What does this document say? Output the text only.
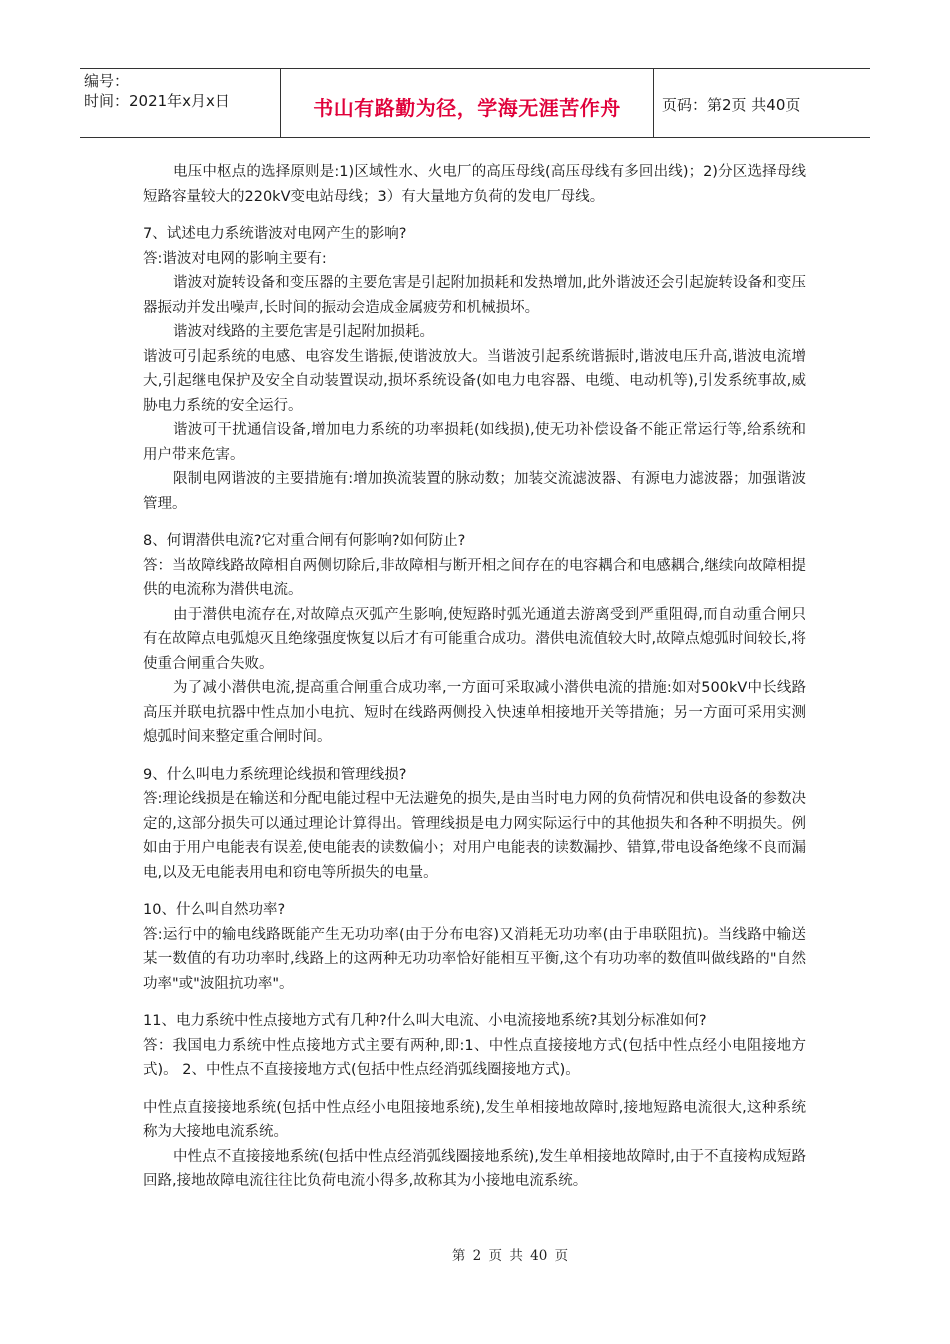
编号：
时间：2021年x月x日	书山有路勤为径，学海无涯苦作舟	页码：第2页 共40页

电压中枢点的选择原则是:1)区域性水、火电厂的高压母线(高压母线有多回出线)；2)分区选择母线短路容量较大的220kV变电站母线；3）有大量地方负荷的发电厂母线。

7、试述电力系统谐波对电网产生的影响?

答:谐波对电网的影响主要有:

谐波对旋转设备和变压器的主要危害是引起附加损耗和发热增加,此外谐波还会引起旋转设备和变压器振动并发出噪声,长时间的振动会造成金属疲劳和机械损坏。

谐波对线路的主要危害是引起附加损耗。

谐波可引起系统的电感、电容发生谐振,使谐波放大。当谐波引起系统谐振时,谐波电压升高,谐波电流增大,引起继电保护及安全自动装置误动,损坏系统设备(如电力电容器、电缆、电动机等),引发系统事故,威胁电力系统的安全运行。

谐波可干扰通信设备,增加电力系统的功率损耗(如线损),使无功补偿设备不能正常运行等,给系统和用户带来危害。

限制电网谐波的主要措施有:增加换流装置的脉动数；加装交流滤波器、有源电力滤波器；加强谐波管理。

8、何谓潜供电流?它对重合闸有何影响?如何防止?

答：当故障线路故障相自两侧切除后,非故障相与断开相之间存在的电容耦合和电感耦合,继续向故障相提供的电流称为潜供电流。

由于潜供电流存在,对故障点灭弧产生影响,使短路时弧光通道去游离受到严重阻碍,而自动重合闸只有在故障点电弧熄灭且绝缘强度恢复以后才有可能重合成功。潜供电流值较大时,故障点熄弧时间较长,将使重合闸重合失败。

为了减小潜供电流,提高重合闸重合成功率,一方面可采取减小潜供电流的措施:如对500kV中长线路高压并联电抗器中性点加小电抗、短时在线路两侧投入快速单相接地开关等措施；另一方面可采用实测熄弧时间来整定重合闸时间。

9、什么叫电力系统理论线损和管理线损?

答:理论线损是在输送和分配电能过程中无法避免的损失,是由当时电力网的负荷情况和供电设备的参数决定的,这部分损失可以通过理论计算得出。管理线损是电力网实际运行中的其他损失和各种不明损失。例如由于用户电能表有误差,使电能表的读数偏小；对用户电能表的读数漏抄、错算,带电设备绝缘不良而漏电,以及无电能表用电和窃电等所损失的电量。

10、什么叫自然功率?

答:运行中的输电线路既能产生无功功率(由于分布电容)又消耗无功功率(由于串联阻抗)。当线路中输送某一数值的有功功率时,线路上的这两种无功功率恰好能相互平衡,这个有功功率的数值叫做线路的"自然功率"或"波阻抗功率"。

11、电力系统中性点接地方式有几种?什么叫大电流、小电流接地系统?其划分标准如何?

答：我国电力系统中性点接地方式主要有两种,即:1、中性点直接接地方式(包括中性点经小电阻接地方式)。 2、中性点不直接接地方式(包括中性点经消弧线圈接地方式)。

中性点直接接地系统(包括中性点经小电阻接地系统),发生单相接地故障时,接地短路电流很大,这种系统称为大接地电流系统。

中性点不直接接地系统(包括中性点经消弧线圈接地系统),发生单相接地故障时,由于不直接构成短路回路,接地故障电流往往比负荷电流小得多,故称其为小接地电流系统。

第 2 页 共 40 页
